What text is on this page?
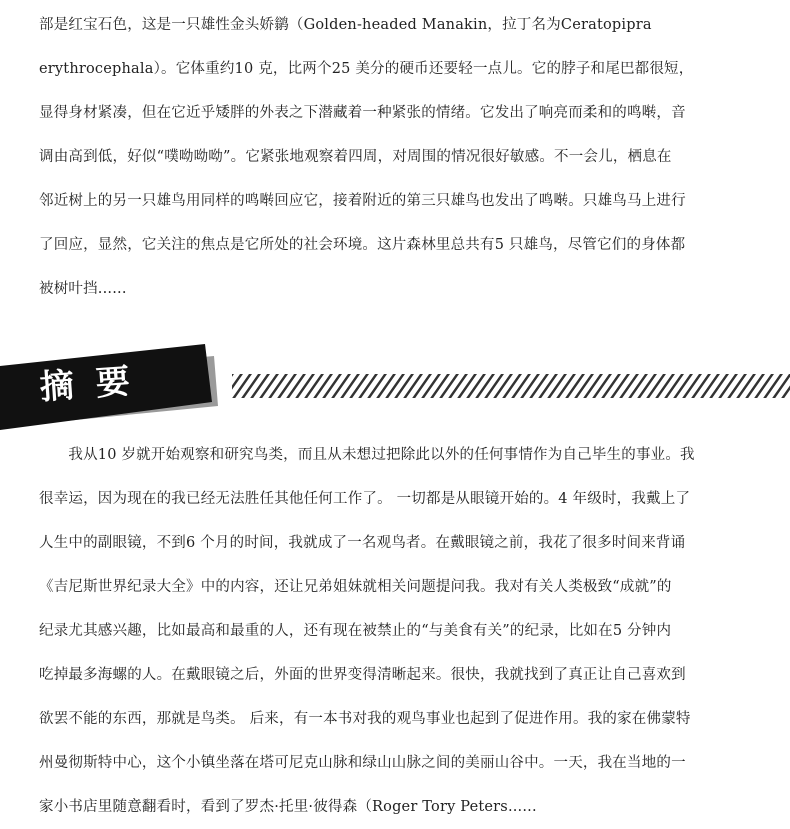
部是红宝石色，这是一只雄性金头娇鹟（Golden-headed Manakin，拉丁名为Ceratopipra

erythrocephala）。它体重约10 克，比两个25 美分的硬币还要轻一点儿。它的脖子和尾巴都很短，

显得身材紧凑，但在它近乎矮胖的外表之下潜藏着一种紧张的情绪。它发出了响亮而柔和的鸣啭，音

调由高到低，好似“噗呦呦呦”。它紧张地观察着四周，对周围的情况很好敏感。不一会儿，栖息在

邻近树上的另一只雄鸟用同样的鸣啭回应它，接着附近的第三只雄鸟也发出了鸣啭。只雄鸟马上进行

了回应，显然，它关注的焦点是它所处的社会环境。这片森林里总共有5 只雄鸟，尽管它们的身体都

被树叶挡......

摘要

　　我从10 岁就开始观察和研究鸟类，而且从未想过把除此以外的任何事情作为自己毕生的事业。我

很幸运，因为现在的我已经无法胜任其他任何工作了。 一切都是从眼镜开始的。4 年级时，我戴上了

人生中的副眼镜，不到6 个月的时间，我就成了一名观鸟者。在戴眼镜之前，我花了很多时间来背诵

《吉尼斯世界纪录大全》中的内容，还让兄弟姐妹就相关问题提问我。我对有关人类极致“成就”的

纪录尤其感兴趣，比如最高和最重的人，还有现在被禁止的“与美食有关”的纪录，比如在5 分钟内

吃掉最多海螺的人。在戴眼镜之后，外面的世界变得清晰起来。很快，我就找到了真正让自己喜欢到

欲罢不能的东西，那就是鸟类。 后来，有一本书对我的观鸟事业也起到了促进作用。我的家在佛蒙特

州曼彻斯特中心，这个小镇坐落在塔可尼克山脉和绿山山脉之间的美丽山谷中。一天，我在当地的一

家小书店里随意翻看时，看到了罗杰·托里·彼得森（Roger Tory Peters......
